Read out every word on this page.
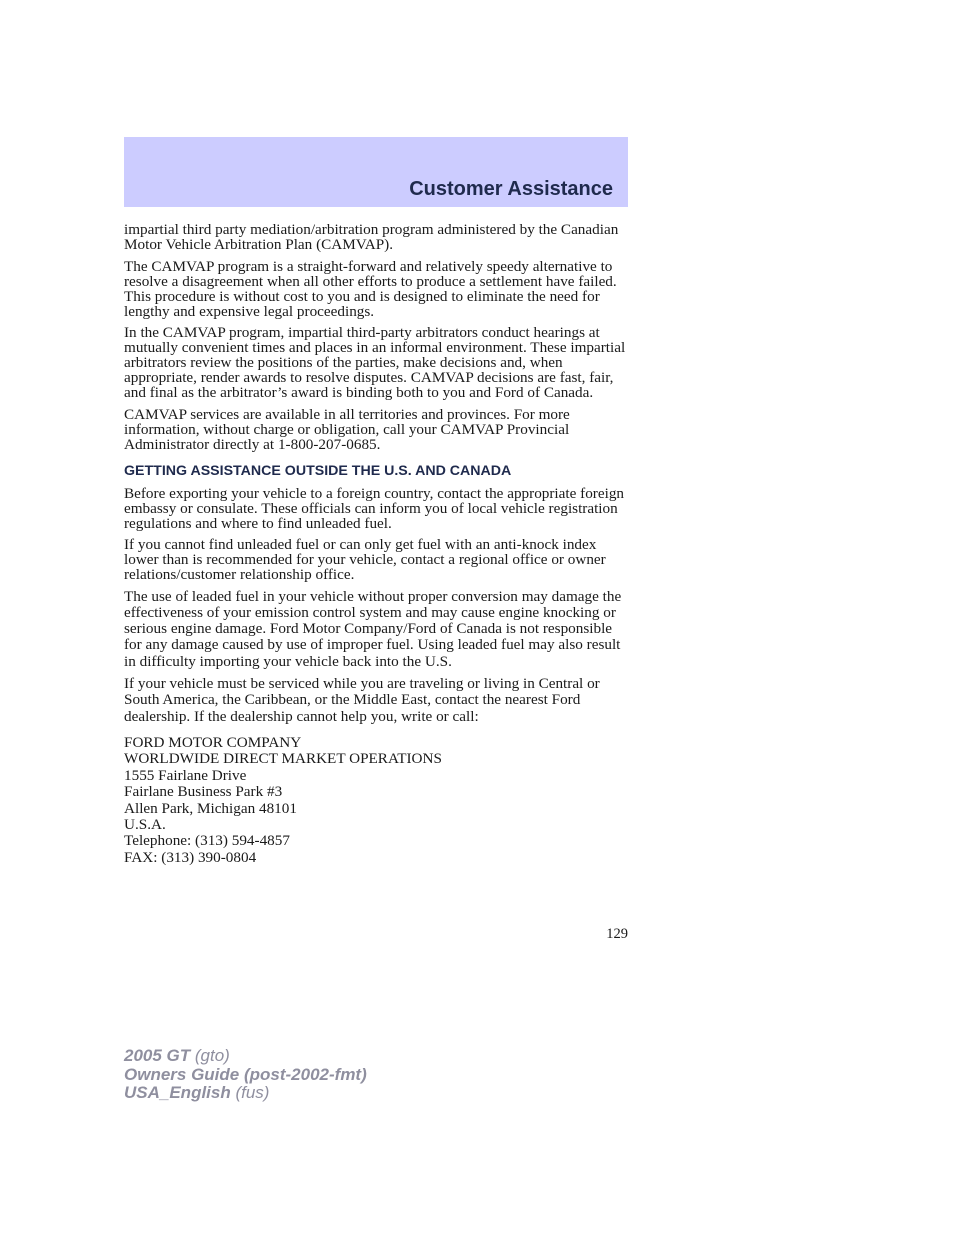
Customer Assistance

impartial third party mediation/arbitration program administered by the Canadian Motor Vehicle Arbitration Plan (CAMVAP).

The CAMVAP program is a straight-forward and relatively speedy alternative to resolve a disagreement when all other efforts to produce a settlement have failed. This procedure is without cost to you and is designed to eliminate the need for lengthy and expensive legal proceedings.

In the CAMVAP program, impartial third-party arbitrators conduct hearings at mutually convenient times and places in an informal environment. These impartial arbitrators review the positions of the parties, make decisions and, when appropriate, render awards to resolve disputes. CAMVAP decisions are fast, fair, and final as the arbitrator’s award is binding both to you and Ford of Canada.

CAMVAP services are available in all territories and provinces. For more information, without charge or obligation, call your CAMVAP Provincial Administrator directly at 1-800-207-0685.

GETTING ASSISTANCE OUTSIDE THE U.S. AND CANADA

Before exporting your vehicle to a foreign country, contact the appropriate foreign embassy or consulate. These officials can inform you of local vehicle registration regulations and where to find unleaded fuel.

If you cannot find unleaded fuel or can only get fuel with an anti-knock index lower than is recommended for your vehicle, contact a regional office or owner relations/customer relationship office.

The use of leaded fuel in your vehicle without proper conversion may damage the effectiveness of your emission control system and may cause engine knocking or serious engine damage. Ford Motor Company/Ford of Canada is not responsible for any damage caused by use of improper fuel. Using leaded fuel may also result in difficulty importing your vehicle back into the U.S.

If your vehicle must be serviced while you are traveling or living in Central or South America, the Caribbean, or the Middle East, contact the nearest Ford dealership. If the dealership cannot help you, write or call:

FORD MOTOR COMPANY
WORLDWIDE DIRECT MARKET OPERATIONS
1555 Fairlane Drive
Fairlane Business Park #3
Allen Park, Michigan 48101
U.S.A.
Telephone: (313) 594-4857
FAX: (313) 390-0804
129
2005 GT (gto)
Owners Guide (post-2002-fmt)
USA_English (fus)
